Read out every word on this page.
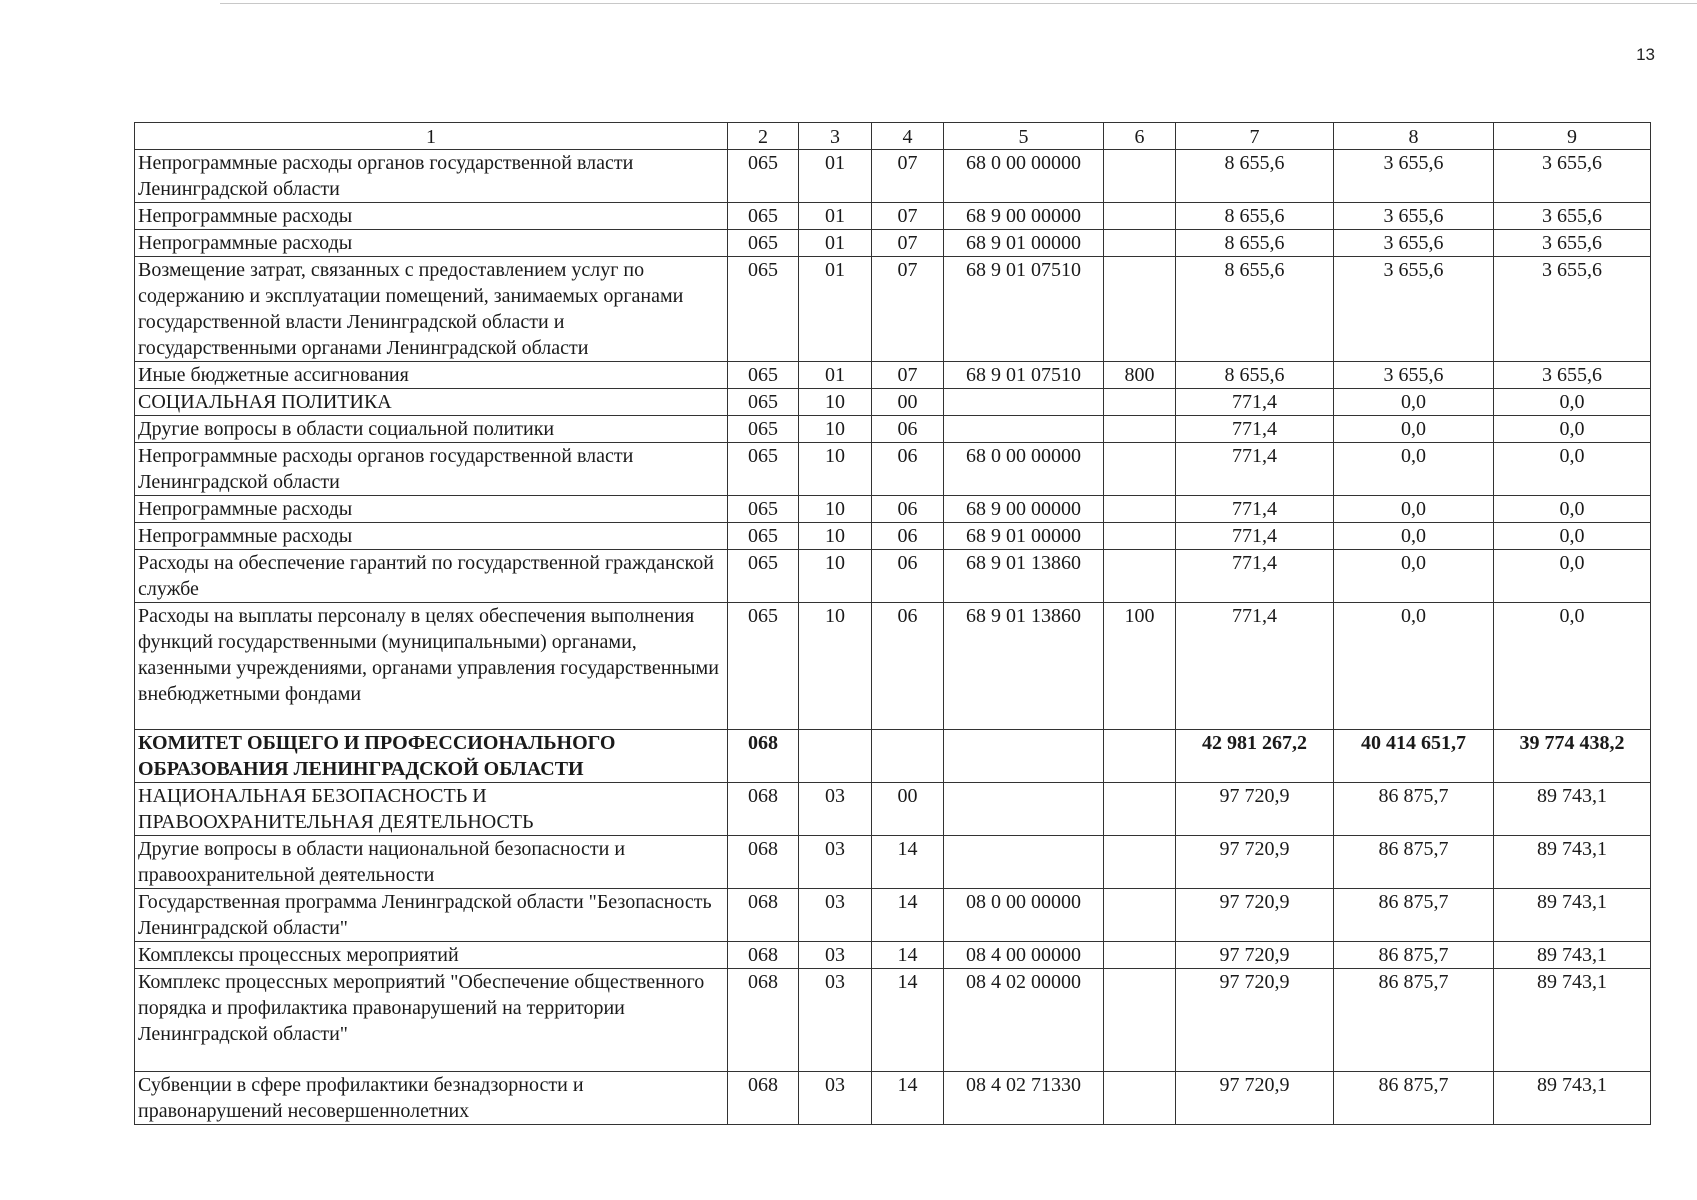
13
1	2	3	4	5	6	7	8	9
Непрограммные расходы органов государственной власти Ленинградской области	065	01	07	68 0 00 00000		8 655,6	3 655,6	3 655,6
Непрограммные расходы	065	01	07	68 9 00 00000		8 655,6	3 655,6	3 655,6
Непрограммные расходы	065	01	07	68 9 01 00000		8 655,6	3 655,6	3 655,6
Возмещение затрат, связанных с предоставлением услуг по содержанию и эксплуатации помещений, занимаемых органами государственной власти Ленинградской области и государственными органами Ленинградской области	065	01	07	68 9 01 07510		8 655,6	3 655,6	3 655,6
Иные бюджетные ассигнования	065	01	07	68 9 01 07510	800	8 655,6	3 655,6	3 655,6
СОЦИАЛЬНАЯ ПОЛИТИКА	065	10	00			771,4	0,0	0,0
Другие вопросы в области социальной политики	065	10	06			771,4	0,0	0,0
Непрограммные расходы органов государственной власти Ленинградской области	065	10	06	68 0 00 00000		771,4	0,0	0,0
Непрограммные расходы	065	10	06	68 9 00 00000		771,4	0,0	0,0
Непрограммные расходы	065	10	06	68 9 01 00000		771,4	0,0	0,0
Расходы на обеспечение гарантий по государственной гражданской службе	065	10	06	68 9 01 13860		771,4	0,0	0,0
Расходы на выплаты персоналу в целях обеспечения выполнения функций государственными (муниципальными) органами, казенными учреждениями, органами управления государственными внебюджетными фондами	065	10	06	68 9 01 13860	100	771,4	0,0	0,0
КОМИТЕТ ОБЩЕГО И ПРОФЕССИОНАЛЬНОГО ОБРАЗОВАНИЯ ЛЕНИНГРАДСКОЙ ОБЛАСТИ	068					42 981 267,2	40 414 651,7	39 774 438,2
НАЦИОНАЛЬНАЯ БЕЗОПАСНОСТЬ И ПРАВООХРАНИТЕЛЬНАЯ ДЕЯТЕЛЬНОСТЬ	068	03	00			97 720,9	86 875,7	89 743,1
Другие вопросы в области национальной безопасности и правоохранительной деятельности	068	03	14			97 720,9	86 875,7	89 743,1
Государственная программа Ленинградской области "Безопасность Ленинградской области"	068	03	14	08 0 00 00000		97 720,9	86 875,7	89 743,1
Комплексы процессных мероприятий	068	03	14	08 4 00 00000		97 720,9	86 875,7	89 743,1
Комплекс процессных мероприятий "Обеспечение общественного порядка и профилактика правонарушений на территории Ленинградской области"	068	03	14	08 4 02 00000		97 720,9	86 875,7	89 743,1
Субвенции в сфере профилактики безнадзорности и правонарушений несовершеннолетних	068	03	14	08 4 02 71330		97 720,9	86 875,7	89 743,1
